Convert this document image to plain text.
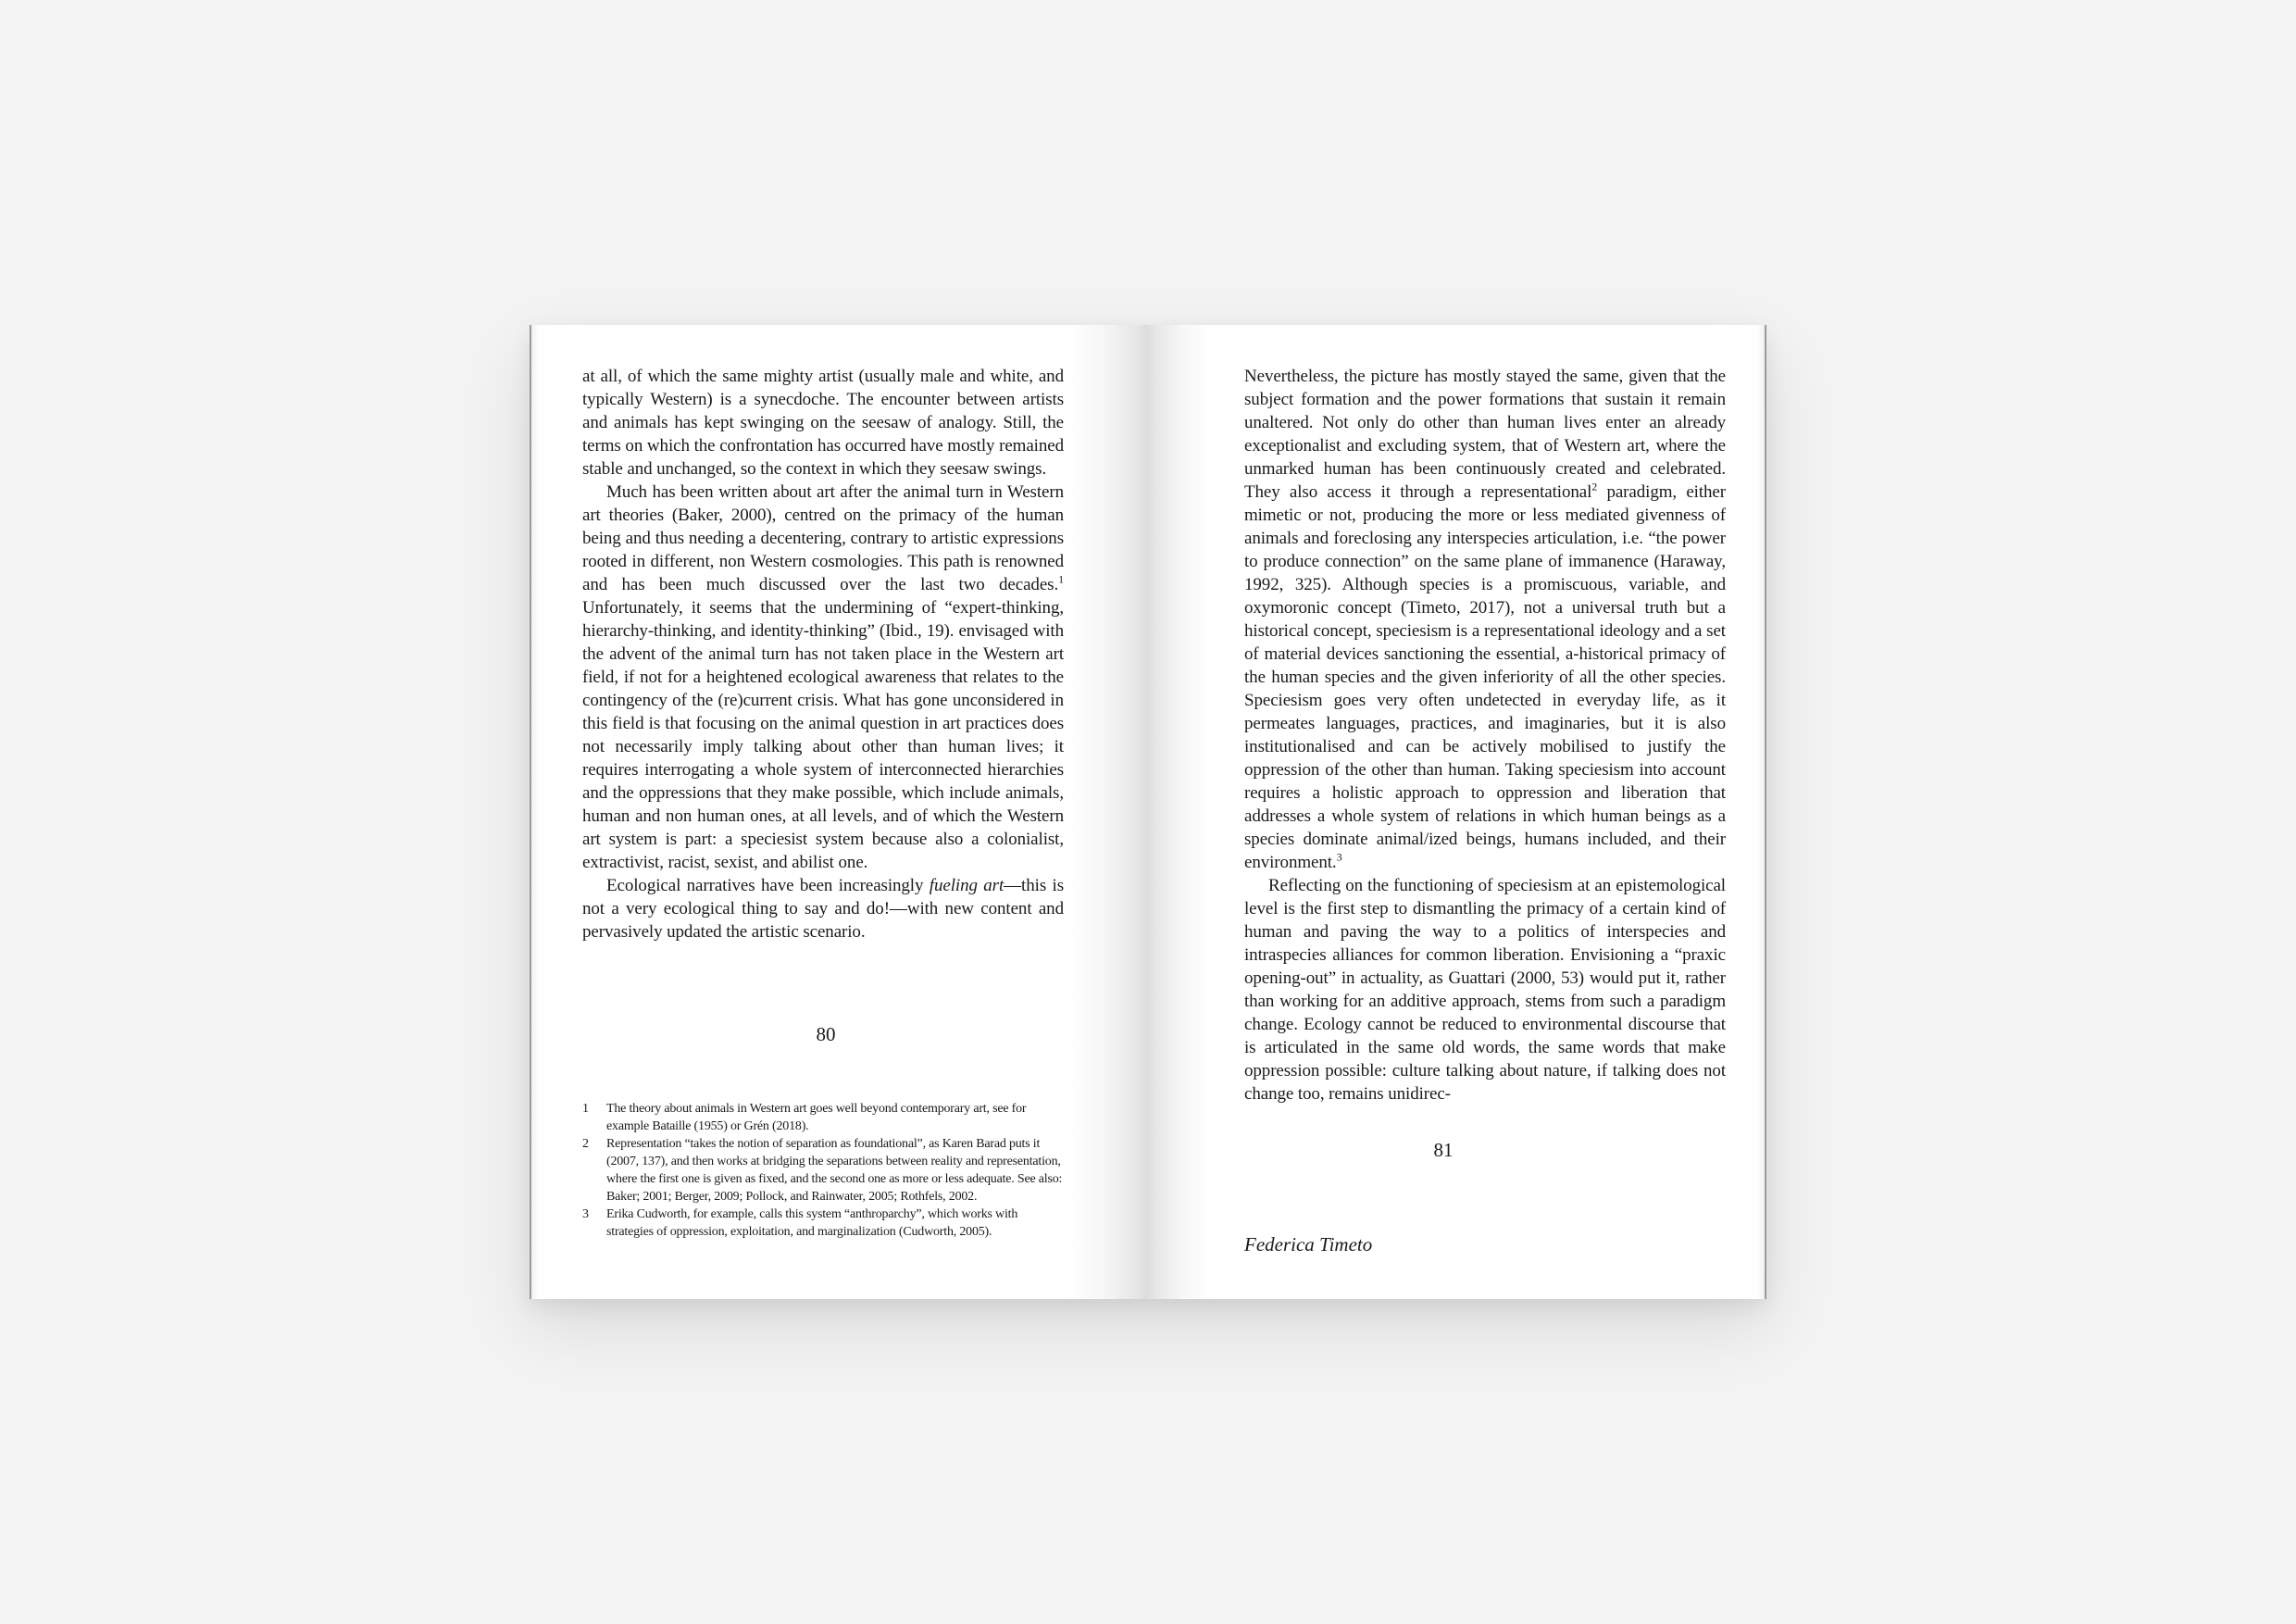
at all, of which the same mighty artist (usually male and white, and typically Western) is a synecdoche. The encounter between artists and animals has kept swinging on the seesaw of analogy. Still, the terms on which the confrontation has occurred have mostly remained stable and unchanged, so the context in which they seesaw swings.

Much has been written about art after the animal turn in Western art theories (Baker, 2000), centred on the primacy of the human being and thus needing a decentering, contrary to artistic expressions rooted in different, non Western cosmologies. This path is renowned and has been much discussed over the last two decades.$^1$ Unfortunately, it seems that the undermining of “expert-thinking, hierarchy-thinking, and identity-thinking” (Ibid., 19). envisaged with the advent of the animal turn has not taken place in the Western art field, if not for a heightened ecological awareness that relates to the contingency of the (re)current crisis. What has gone unconsidered in this field is that focusing on the animal question in art practices does not necessarily imply talking about other than human lives; it requires interrogating a whole system of interconnected hierarchies and the oppressions that they make possible, which include animals, human and non human ones, at all levels, and of which the Western art system is part: a speciesist system because also a colonialist, extractivist, racist, sexist, and abilist one.

Ecological narratives have been increasingly fueling art—this is not a very ecological thing to say and do!—with new content and pervasively updated the artistic scenario.

80
1	The theory about animals in Western art goes well beyond contemporary art, see for example Bataille (1955) or Grén (2018).
2	Representation “takes the notion of separation as foundational”, as Karen Barad puts it (2007, 137), and then works at bridging the separations between reality and representation, where the first one is given as fixed, and the second one as more or less adequate. See also: Baker; 2001; Berger, 2009; Pollock, and Rainwater, 2005; Rothfels, 2002.
3	Erika Cudworth, for example, calls this system “anthroparchy”, which works with strategies of oppression, exploitation, and marginalization (Cudworth, 2005).

Nevertheless, the picture has mostly stayed the same, given that the subject formation and the power formations that sustain it remain unaltered. Not only do other than human lives enter an already exceptionalist and excluding system, that of Western art, where the unmarked human has been continuously created and celebrated. They also access it through a representational$^2$ paradigm, either mimetic or not, producing the more or less mediated givenness of animals and foreclosing any interspecies articulation, i.e. “the power to produce connection” on the same plane of immanence (Haraway, 1992, 325). Although species is a promiscuous, variable, and oxymoronic concept (Timeto, 2017), not a universal truth but a historical concept, speciesism is a representational ideology and a set of material devices sanctioning the essential, a-historical primacy of the human species and the given inferiority of all the other species. Speciesism goes very often undetected in everyday life, as it permeates languages, practices, and imaginaries, but it is also institutionalised and can be actively mobilised to justify the oppression of the other than human. Taking speciesism into account requires a holistic approach to oppression and liberation that addresses a whole system of relations in which human beings as a species dominate animal/ized beings, humans included, and their environment.$^3$

Reflecting on the functioning of speciesism at an epistemological level is the first step to dismantling the primacy of a certain kind of human and paving the way to a politics of interspecies and intraspecies alliances for common liberation. Envisioning a “praxic opening-out” in actuality, as Guattari (2000, 53) would put it, rather than working for an additive approach, stems from such a paradigm change. Ecology cannot be reduced to environmental discourse that is articulated in the same old words, the same words that make oppression possible: culture talking about nature, if talking does not change too, remains unidirec-

81
Federica Timeto
